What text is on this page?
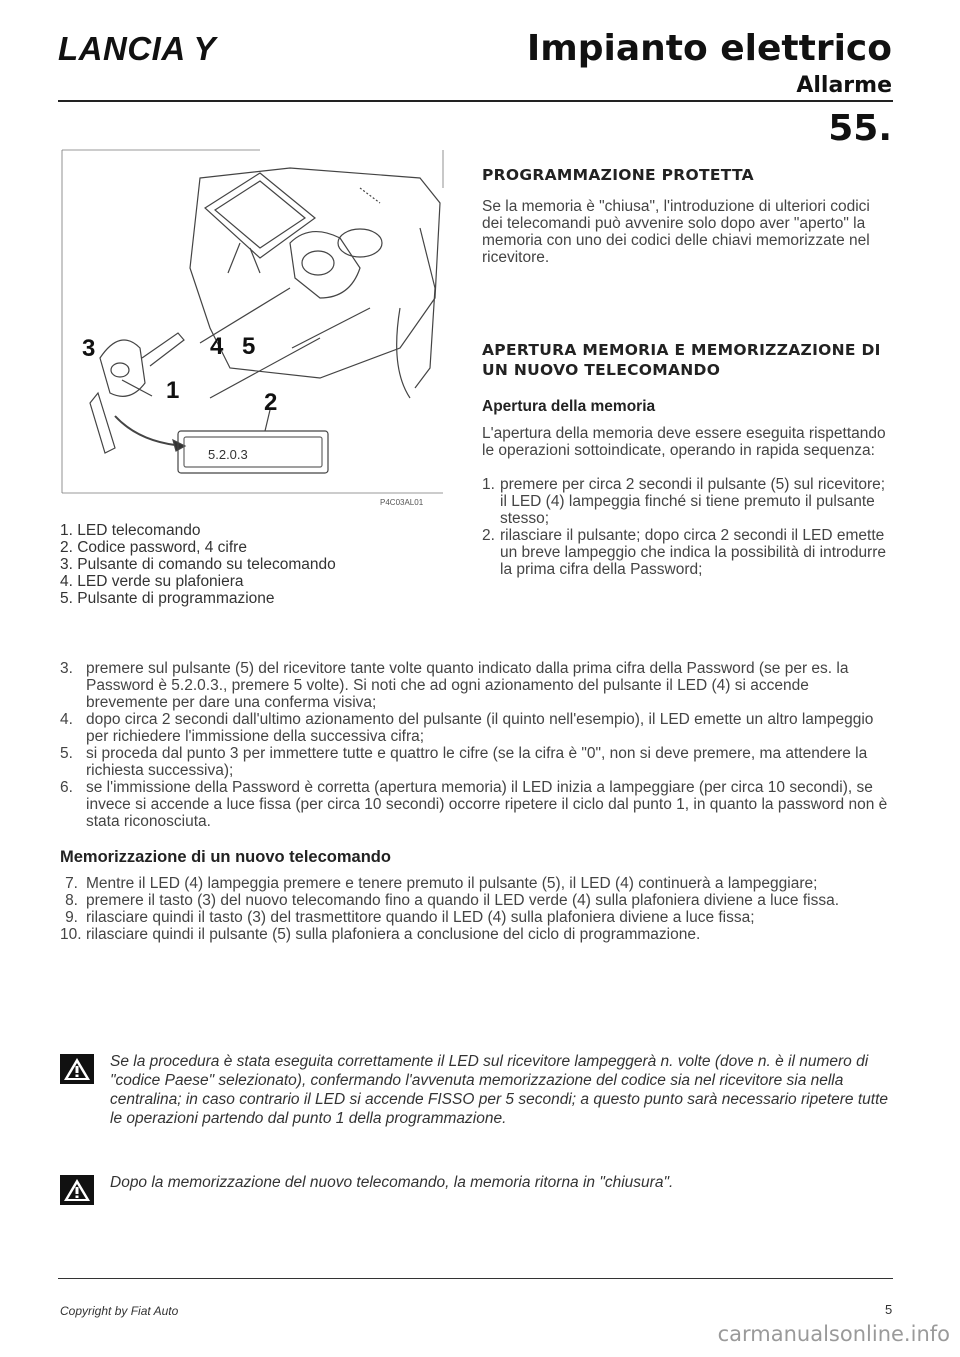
LANCIA Y	Impianto elettrico
Allarme
55.
3	4 5
1	2
5.2.0.3
P4C03AL01
1. LED telecomando
2. Codice password, 4 cifre
3. Pulsante di comando su telecomando
4. LED verde su plafoniera
5. Pulsante di programmazione
PROGRAMMAZIONE PROTETTA
Se la memoria è "chiusa", l'introduzione di ulteriori codici dei telecomandi può avvenire solo dopo aver "aperto" la memoria con uno dei codici delle chiavi memorizzate nel ricevitore.
APERTURA MEMORIA E MEMORIZZAZIONE DI UN NUOVO TELECOMANDO
Apertura della memoria
L'apertura della memoria deve essere eseguita rispettando le operazioni sottoindicate, operando in rapida sequenza:
1. premere per circa 2 secondi il pulsante (5) sul ricevitore; il LED (4) lampeggia finché si tiene premuto il pulsante stesso;
2. rilasciare il pulsante; dopo circa 2 secondi il LED emette un breve lampeggio che indica la possibilità di introdurre la prima cifra della Password;
3. premere sul pulsante (5) del ricevitore tante volte quanto indicato dalla prima cifra della Password (se per es. la Password è 5.2.0.3., premere 5 volte). Si noti che ad ogni azionamento del pulsante il LED (4) si accende brevemente per dare una conferma visiva;
4. dopo circa 2 secondi dall'ultimo azionamento del pulsante (il quinto nell'esempio), il LED emette un altro lampeggio per richiedere l'immissione della successiva cifra;
5. si proceda dal punto 3 per immettere tutte e quattro le cifre (se la cifra è "0", non si deve premere, ma attendere la richiesta successiva);
6. se l'immissione della Password è corretta (apertura memoria) il LED inizia a lampeggiare (per circa 10 secondi), se invece si accende a luce fissa (per circa 10 secondi) occorre ripetere il ciclo dal punto 1, in quanto la password non è stata riconosciuta.
Memorizzazione di un nuovo telecomando
7. Mentre il LED (4) lampeggia premere e tenere premuto il pulsante (5), il LED (4) continuerà a lampeggiare;
8. premere il tasto (3) del nuovo telecomando fino a quando il LED verde (4) sulla plafoniera diviene a luce fissa.
9. rilasciare quindi il tasto (3) del trasmettitore quando il LED (4) sulla plafoniera diviene a luce fissa;
10. rilasciare quindi il pulsante (5) sulla plafoniera a conclusione del ciclo di programmazione.
Se la procedura è stata eseguita correttamente il LED sul ricevitore lampeggerà n. volte (dove n. è il numero di "codice Paese" selezionato), confermando l'avvenuta memorizzazione del codice sia nel ricevitore sia nella centralina; in caso contrario il LED si accende FISSO per 5 secondi; a questo punto sarà necessario ripetere tutte le operazioni partendo dal punto 1 della programmazione.
Dopo la memorizzazione del nuovo telecomando, la memoria ritorna in "chiusura".
Copyright by Fiat Auto	5
carmanualsonline.info
